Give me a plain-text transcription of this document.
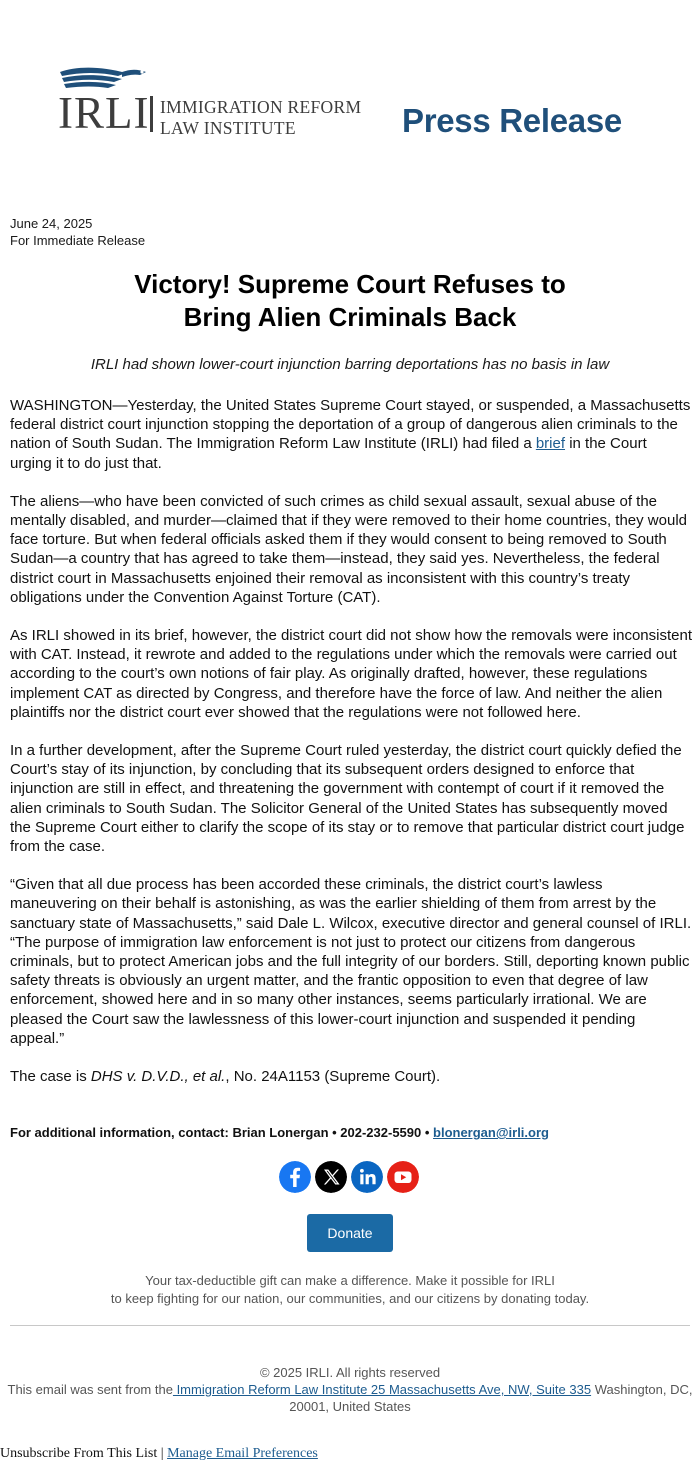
IRLI IMMIGRATION REFORM
LAW INSTITUTE	Press Release
June 24, 2025
For Immediate Release
Victory! Supreme Court Refuses to
Bring Alien Criminals Back
IRLI had shown lower-court injunction barring deportations has no basis in law

WASHINGTON—Yesterday, the United States Supreme Court stayed, or suspended, a Massachusetts federal district court injunction stopping the deportation of a group of dangerous alien criminals to the nation of South Sudan. The Immigration Reform Law Institute (IRLI) had filed a brief in the Court urging it to do just that.

The aliens—who have been convicted of such crimes as child sexual assault, sexual abuse of the mentally disabled, and murder—claimed that if they were removed to their home countries, they would face torture. But when federal officials asked them if they would consent to being removed to South Sudan—a country that has agreed to take them—instead, they said yes. Nevertheless, the federal district court in Massachusetts enjoined their removal as inconsistent with this country’s treaty obligations under the Convention Against Torture (CAT).

As IRLI showed in its brief, however, the district court did not show how the removals were inconsistent with CAT. Instead, it rewrote and added to the regulations under which the removals were carried out according to the court’s own notions of fair play. As originally drafted, however, these regulations implement CAT as directed by Congress, and therefore have the force of law. And neither the alien plaintiffs nor the district court ever showed that the regulations were not followed here.

In a further development, after the Supreme Court ruled yesterday, the district court quickly defied the Court’s stay of its injunction, by concluding that its subsequent orders designed to enforce that injunction are still in effect, and threatening the government with contempt of court if it removed the alien criminals to South Sudan. The Solicitor General of the United States has subsequently moved the Supreme Court either to clarify the scope of its stay or to remove that particular district court judge from the case.

“Given that all due process has been accorded these criminals, the district court’s lawless maneuvering on their behalf is astonishing, as was the earlier shielding of them from arrest by the sanctuary state of Massachusetts,” said Dale L. Wilcox, executive director and general counsel of IRLI. “The purpose of immigration law enforcement is not just to protect our citizens from dangerous criminals, but to protect American jobs and the full integrity of our borders. Still, deporting known public safety threats is obviously an urgent matter, and the frantic opposition to even that degree of law enforcement, showed here and in so many other instances, seems particularly irrational. We are pleased the Court saw the lawlessness of this lower-court injunction and suspended it pending appeal.”

The case is DHS v. D.V.D., et al., No. 24A1153 (Supreme Court).

For additional information, contact: Brian Lonergan • 202-232-5590 • blonergan@irli.org
Donate
Your tax-deductible gift can make a difference. Make it possible for IRLI
to keep fighting for our nation, our communities, and our citizens by donating today.
© 2025 IRLI. All rights reserved
This email was sent from the Immigration Reform Law Institute 25 Massachusetts Ave, NW, Suite 335 Washington, DC, 20001, United States
Unsubscribe From This List | Manage Email Preferences
